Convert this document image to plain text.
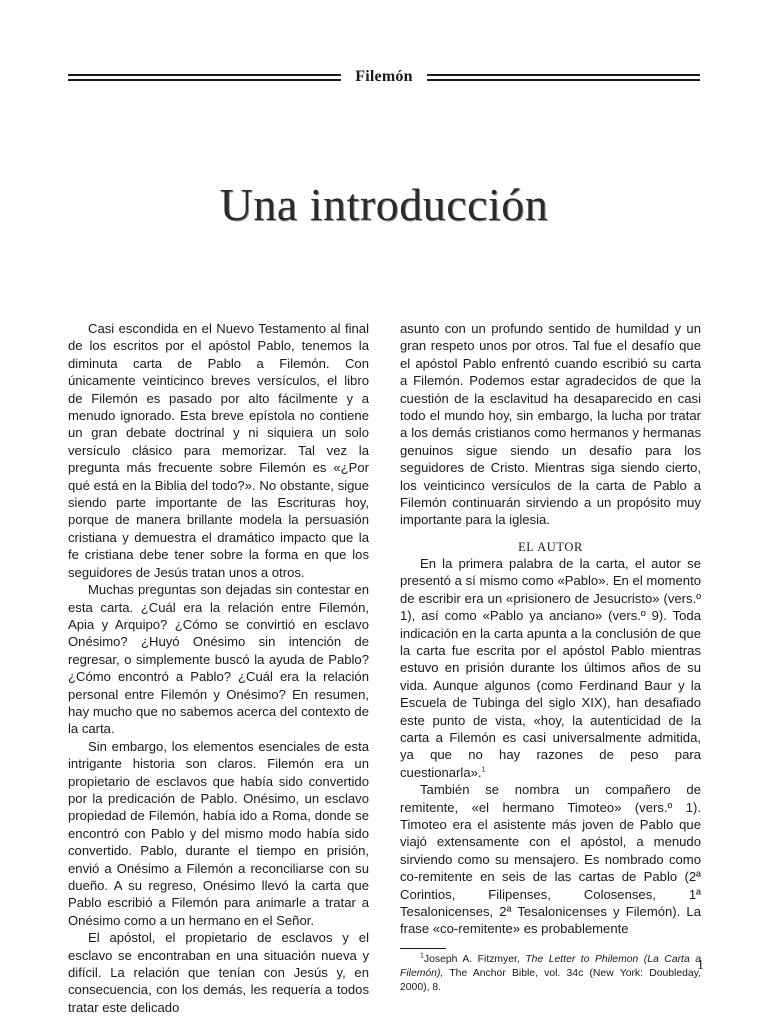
Filemón
Una introducción

Casi escondida en el Nuevo Testamento al final de los escritos por el apóstol Pablo, tenemos la diminuta carta de Pablo a Filemón. Con únicamente veinticinco breves versículos, el libro de Filemón es pasado por alto fácilmente y a menudo ignorado. Esta breve epístola no contiene un gran debate doctrinal y ni siquiera un solo versículo clásico para memorizar. Tal vez la pregunta más frecuente sobre Filemón es «¿Por qué está en la Biblia del todo?». No obstante, sigue siendo parte importante de las Escrituras hoy, porque de manera brillante modela la persuasión cristiana y demuestra el dramático impacto que la fe cristiana debe tener sobre la forma en que los seguidores de Jesús tratan unos a otros.

Muchas preguntas son dejadas sin contestar en esta carta. ¿Cuál era la relación entre Filemón, Apia y Arquipo? ¿Cómo se convirtió en esclavo Onésimo? ¿Huyó Onésimo sin intención de regresar, o simplemente buscó la ayuda de Pablo? ¿Cómo encontró a Pablo? ¿Cuál era la relación personal entre Filemón y Onésimo? En resumen, hay mucho que no sabemos acerca del contexto de la carta.

Sin embargo, los elementos esenciales de esta intrigante historia son claros. Filemón era un propietario de esclavos que había sido convertido por la predicación de Pablo. Onésimo, un esclavo propiedad de Filemón, había ido a Roma, donde se encontró con Pablo y del mismo modo había sido convertido. Pablo, durante el tiempo en prisión, envió a Onésimo a Filemón a reconciliarse con su dueño. A su regreso, Onésimo llevó la carta que Pablo escribió a Filemón para animarle a tratar a Onésimo como a un hermano en el Señor.

El apóstol, el propietario de esclavos y el esclavo se encontraban en una situación nueva y difícil. La relación que tenían con Jesús y, en consecuencia, con los demás, les requería a todos tratar este delicado

asunto con un profundo sentido de humildad y un gran respeto unos por otros. Tal fue el desafío que el apóstol Pablo enfrentó cuando escribió su carta a Filemón. Podemos estar agradecidos de que la cuestión de la esclavitud ha desaparecido en casi todo el mundo hoy, sin embargo, la lucha por tratar a los demás cristianos como hermanos y hermanas genuinos sigue siendo un desafío para los seguidores de Cristo. Mientras siga siendo cierto, los veinticinco versículos de la carta de Pablo a Filemón continuarán sirviendo a un propósito muy importante para la iglesia.

EL AUTOR

En la primera palabra de la carta, el autor se presentó a sí mismo como «Pablo». En el momento de escribir era un «prisionero de Jesucristo» (vers.º 1), así como «Pablo ya anciano» (vers.º 9). Toda indicación en la carta apunta a la conclusión de que la carta fue escrita por el apóstol Pablo mientras estuvo en prisión durante los últimos años de su vida. Aunque algunos (como Ferdinand Baur y la Escuela de Tubinga del siglo XIX), han desafiado este punto de vista, «hoy, la autenticidad de la carta a Filemón es casi universalmente admitida, ya que no hay razones de peso para cuestionarla».$^1$

También se nombra un compañero de remitente, «el hermano Timoteo» (vers.º 1). Timoteo era el asistente más joven de Pablo que viajó extensamente con el apóstol, a menudo sirviendo como su mensajero. Es nombrado como co-remitente en seis de las cartas de Pablo (2ª Corintios, Filipenses, Colosenses, 1ª Tesalonicenses, 2ª Tesalonicenses y Filemón). La frase «co-remitente» es probablemente

$^1$Joseph A. Fitzmyer, The Letter to Philemon (La Carta a Filemón), The Anchor Bible, vol. 34c (New York: Doubleday, 2000), 8.

1
